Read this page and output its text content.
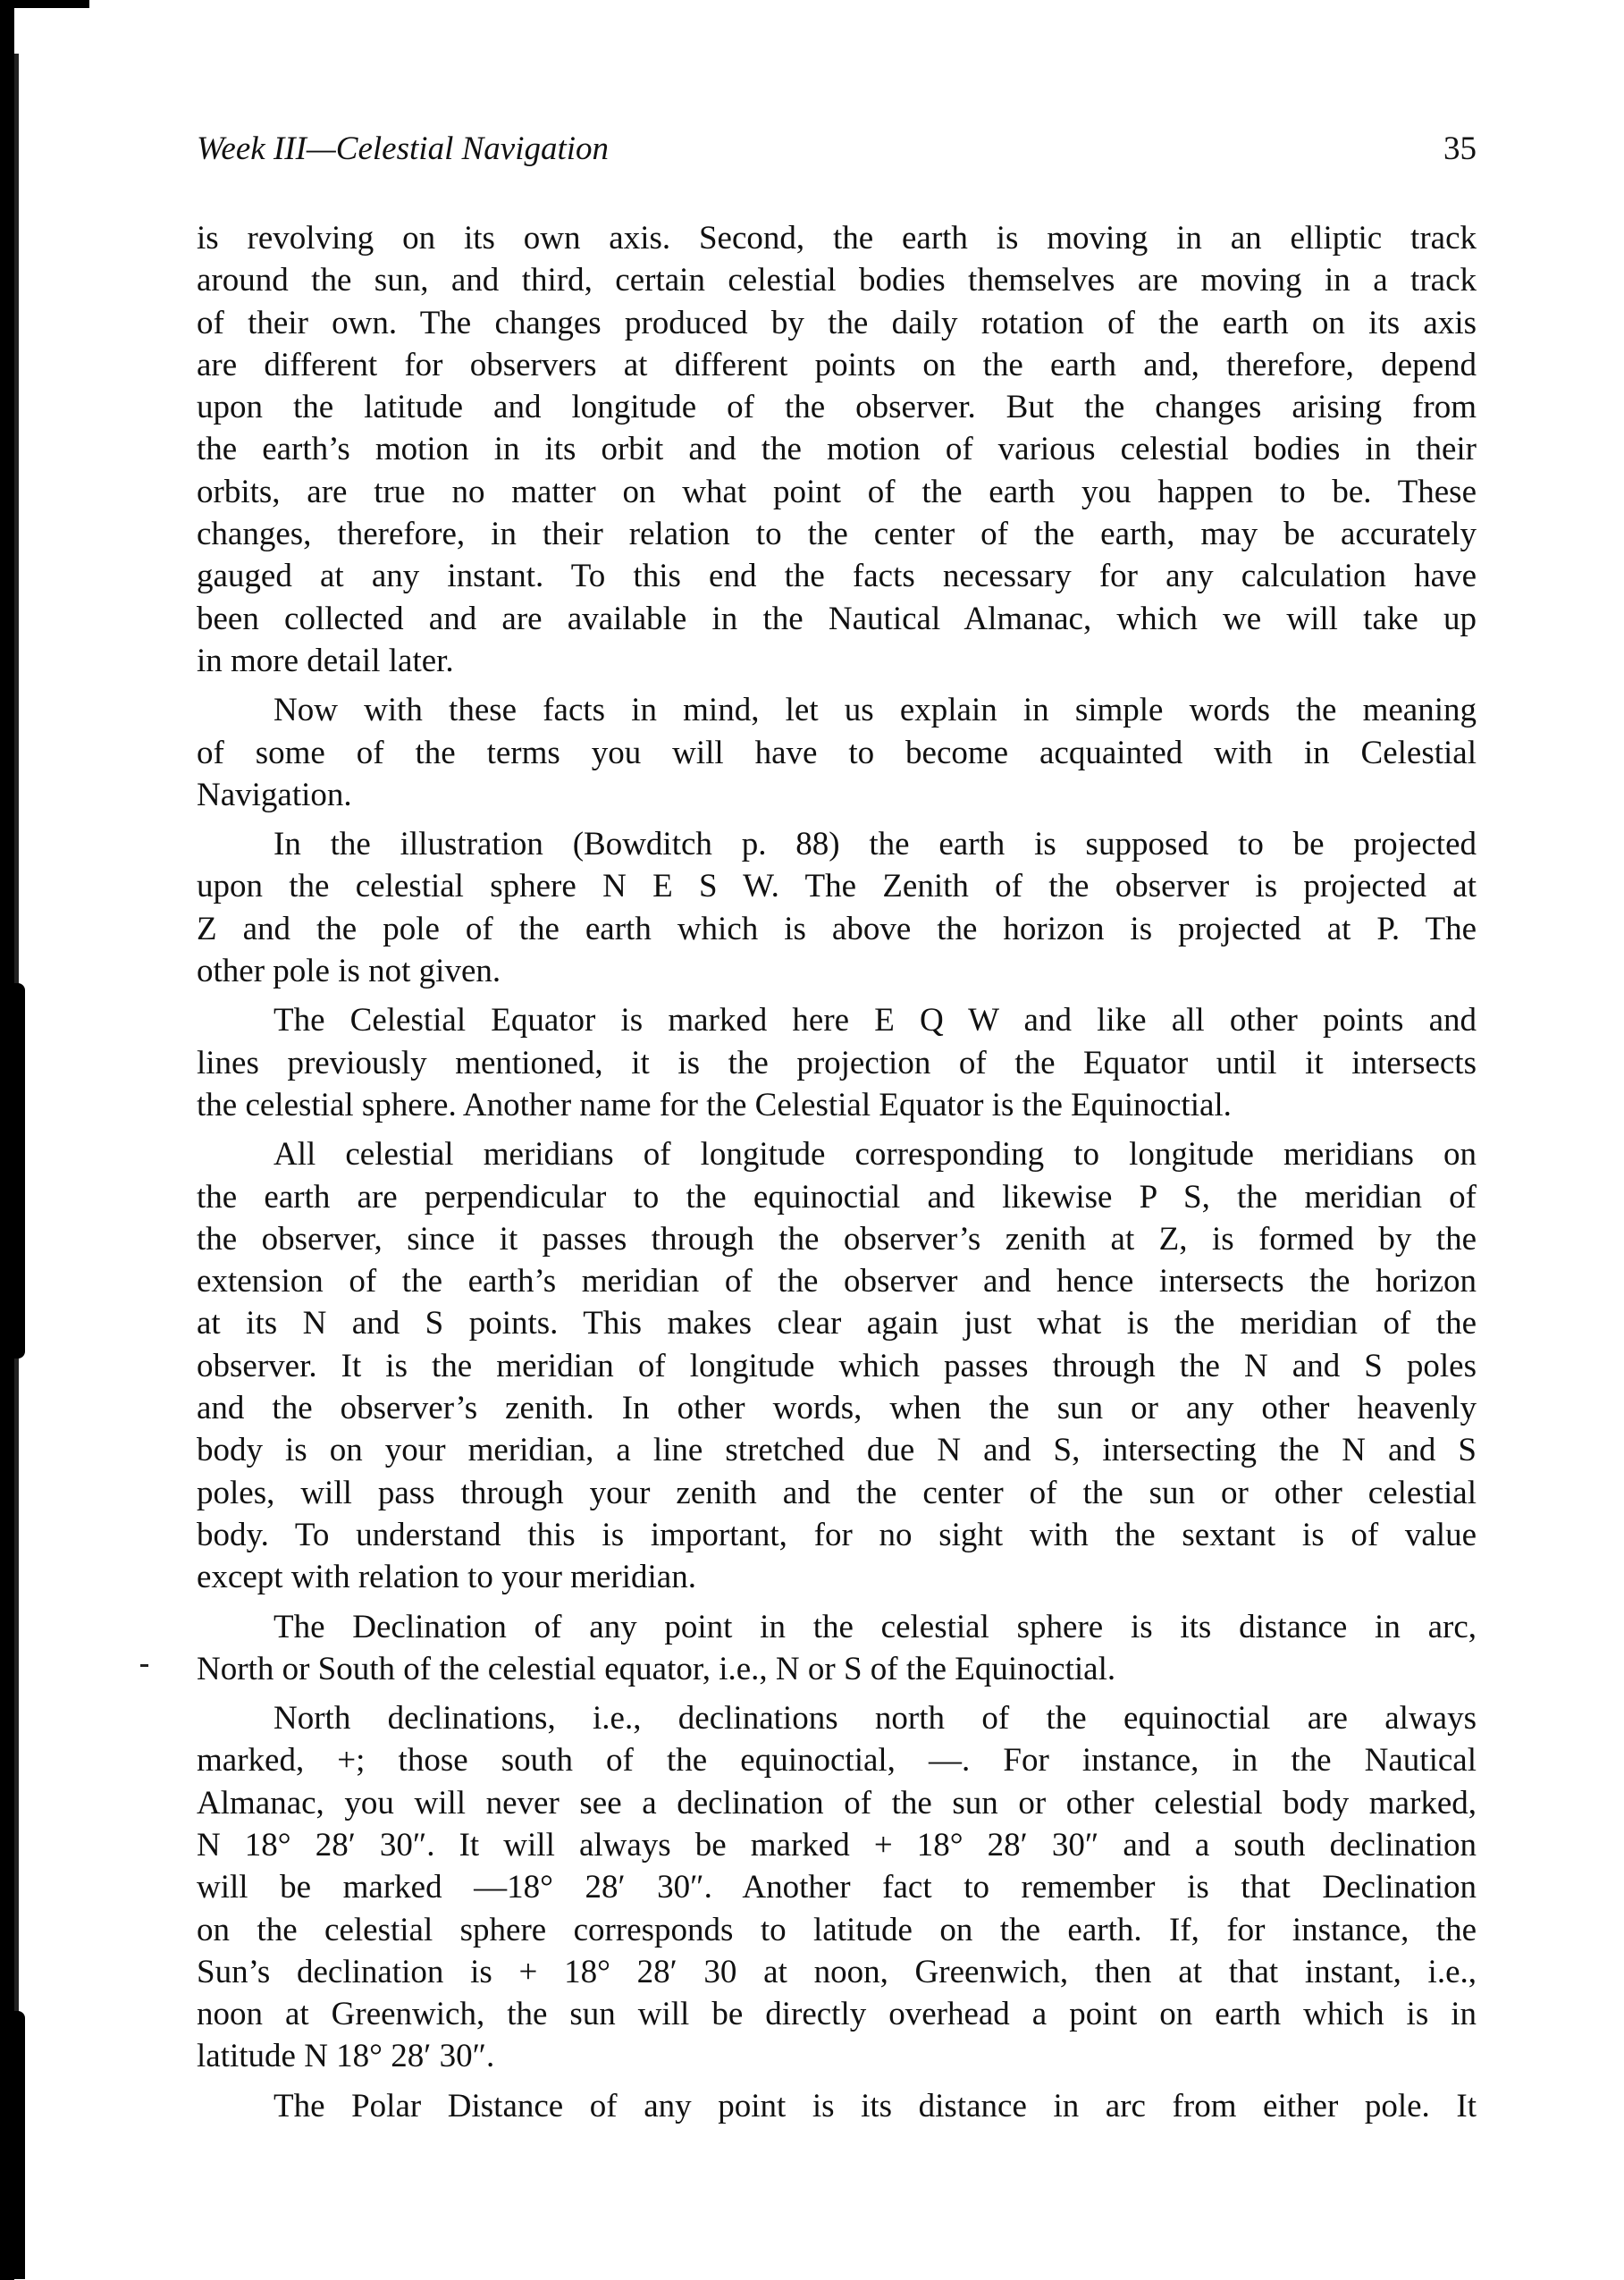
Week III—Celestial Navigation	35
is revolving on its own axis. Second, the earth is moving in an elliptic track
around the sun, and third, certain celestial bodies themselves are moving in a track
of their own. The changes produced by the daily rotation of the earth on its axis
are different for observers at different points on the earth and, therefore, depend
upon the latitude and longitude of the observer. But the changes arising from
the earth’s motion in its orbit and the motion of various celestial bodies in their
orbits, are true no matter on what point of the earth you happen to be. These
changes, therefore, in their relation to the center of the earth, may be accurately
gauged at any instant. To this end the facts necessary for any calculation have
been collected and are available in the Nautical Almanac, which we will take up
in more detail later.
Now with these facts in mind, let us explain in simple words the meaning
of some of the terms you will have to become acquainted with in Celestial
Navigation.
In the illustration (Bowditch p. 88) the earth is supposed to be projected
upon the celestial sphere N E S W. The Zenith of the observer is projected at
Z and the pole of the earth which is above the horizon is projected at P. The
other pole is not given.
The Celestial Equator is marked here E Q W and like all other points and
lines previously mentioned, it is the projection of the Equator until it intersects
the celestial sphere. Another name for the Celestial Equator is the Equinoctial.
All celestial meridians of longitude corresponding to longitude meridians on
the earth are perpendicular to the equinoctial and likewise P S, the meridian of
the observer, since it passes through the observer’s zenith at Z, is formed by the
extension of the earth’s meridian of the observer and hence intersects the horizon
at its N and S points. This makes clear again just what is the meridian of the
observer. It is the meridian of longitude which passes through the N and S poles
and the observer’s zenith. In other words, when the sun or any other heavenly
body is on your meridian, a line stretched due N and S, intersecting the N and S
poles, will pass through your zenith and the center of the sun or other celestial
body. To understand this is important, for no sight with the sextant is of value
except with relation to your meridian.
The Declination of any point in the celestial sphere is its distance in arc,
North or South of the celestial equator, i.e., N or S of the Equinoctial.
North declinations, i.e., declinations north of the equinoctial are always
marked, +; those south of the equinoctial, —. For instance, in the Nautical
Almanac, you will never see a declination of the sun or other celestial body marked,
N 18° 28′ 30″. It will always be marked + 18° 28′ 30″ and a south declination
will be marked —18° 28′ 30″. Another fact to remember is that Declination
on the celestial sphere corresponds to latitude on the earth. If, for instance, the
Sun’s declination is + 18° 28′ 30 at noon, Greenwich, then at that instant, i.e.,
noon at Greenwich, the sun will be directly overhead a point on earth which is in
latitude N 18° 28′ 30″.
The Polar Distance of any point is its distance in arc from either pole. It
